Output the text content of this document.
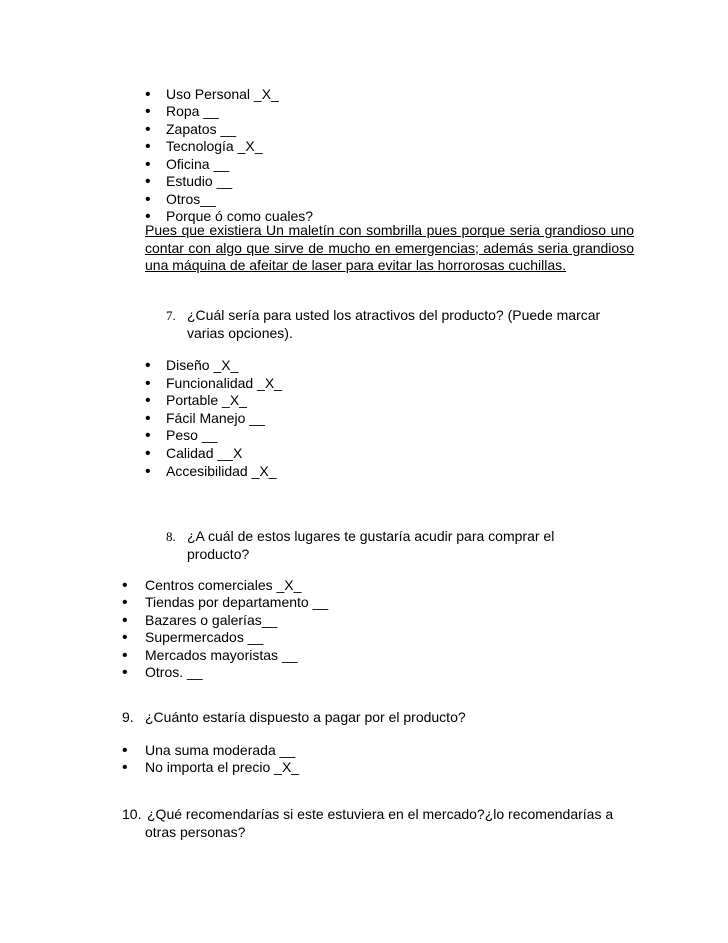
• Uso Personal _X_
• Ropa __
• Zapatos __
• Tecnología _X_
• Oficina __
• Estudio __
• Otros__
• Porque ó como cuales?
Pues que existiera Un maletín con sombrilla pues porque seria grandioso uno contar con algo que sirve de mucho en emergencias; además seria grandioso una máquina de afeitar de laser para evitar las horrorosas cuchillas.
7. ¿Cuál sería para usted los atractivos del producto? (Puede marcar
varias opciones).
• Diseño _X_
• Funcionalidad _X_
• Portable _X_
• Fácil Manejo __
• Peso __
• Calidad __X
• Accesibilidad _X_
8. ¿A cuál de estos lugares te gustaría acudir para comprar el
producto?
• Centros comerciales _X_
• Tiendas por departamento __
• Bazares o galerías__
• Supermercados __
• Mercados mayoristas __
• Otros. __
9. ¿Cuánto estaría dispuesto a pagar por el producto?
• Una suma moderada __
• No importa el precio _X_
10. ¿Qué recomendarías si este estuviera en el mercado?¿lo recomendarías a
otras personas?
